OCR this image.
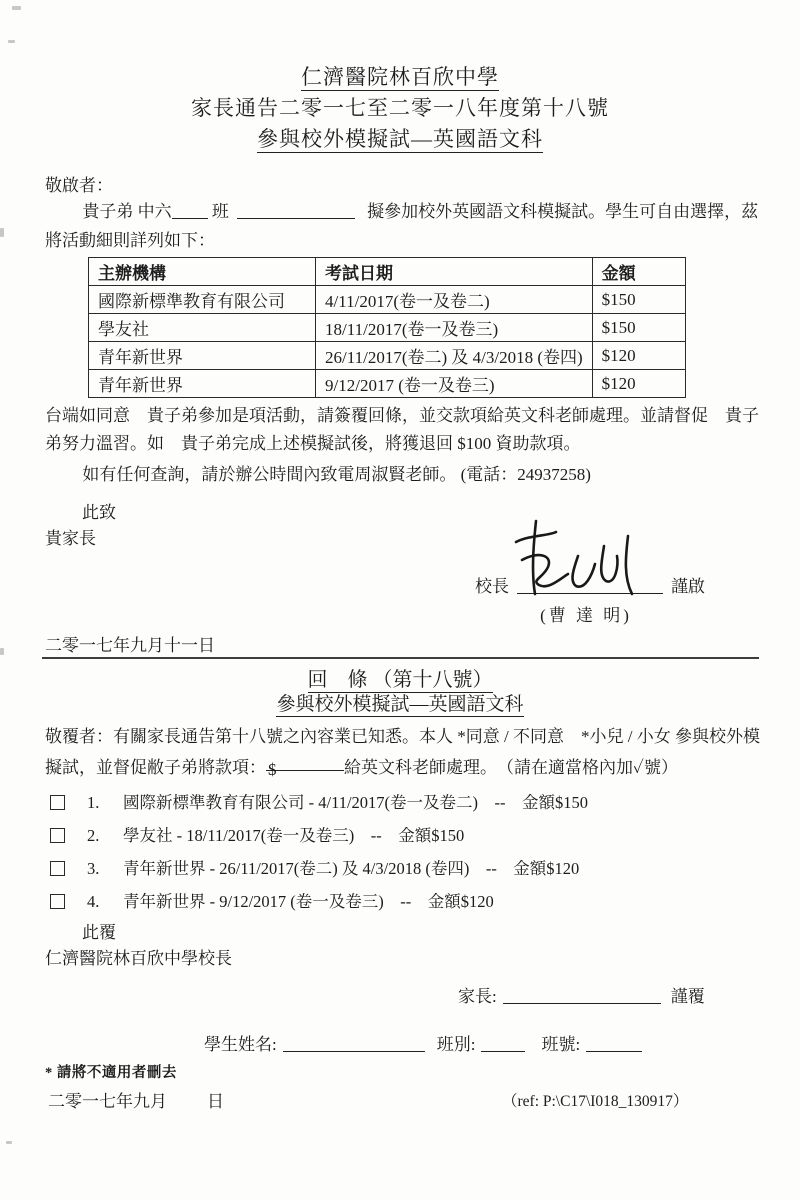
仁濟醫院林百欣中學
家長通告二零一七至二零一八年度第十八號
參與校外模擬試—英國語文科
敬啟者：
貴子弟 中六 班	擬參加校外英國語文科模擬試。學生可自由選擇，茲將活動細則詳列如下：
主辦機構	考試日期	金額
國際新標準教育有限公司	4/11/2017(卷一及卷二)	$150
學友社	18/11/2017(卷一及卷三)	$150
青年新世界	26/11/2017(卷二) 及 4/3/2018 (卷四)	$120
青年新世界	9/12/2017 (卷一及卷三)	$120
台端如同意　貴子弟參加是項活動，請簽覆回條，並交款項給英文科老師處理。並請督促　貴子弟努力溫習。如　貴子弟完成上述模擬試後，將獲退回 $100 資助款項。
如有任何查詢，請於辦公時間內致電周淑賢老師。 (電話：24937258)
此致
貴家長
校長	謹啟
(曹 達 明)
二零一七年九月十一日
回　條 （第十八號）
參與校外模擬試—英國語文科
敬覆者：有關家長通告第十八號之內容業已知悉。本人 *同意 / 不同意　*小兒 / 小女 參與校外模擬試，並督促敝子弟將款項： $	給英文科老師處理。　（請在適當格內加✓號）
1. 國際新標準教育有限公司 - 4/11/2017(卷一及卷二)　--　金額$150
2. 學友社 - 18/11/2017(卷一及卷三)　--　金額$150
3. 青年新世界 - 26/11/2017(卷二) 及 4/3/2018 (卷四)　--　金額$120
4. 青年新世界 - 9/12/2017 (卷一及卷三)　--　金額$120
此覆
仁濟醫院林百欣中學校長
家長:	謹覆
學生姓名:	班別:	班號:
* 請將不適用者刪去
二零一七年九月 日	（ref: P:\C17\I018_130917）
